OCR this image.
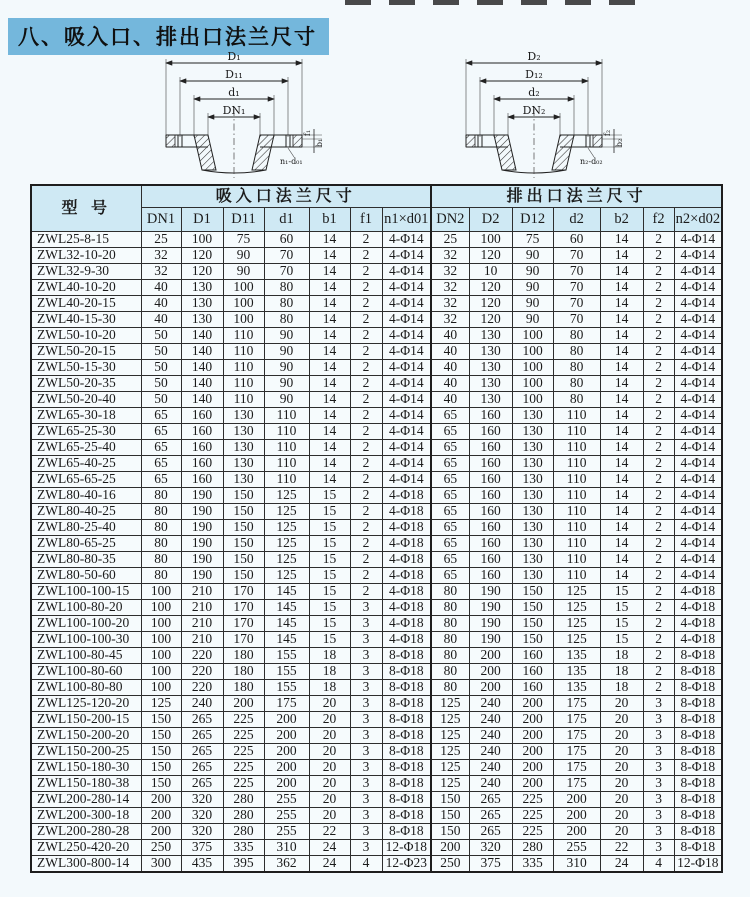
八、吸入口、排出口法兰尺寸
D₁
D₁₁
d₁
DN₁
f₁
b₁
n₁-d₀₁
D₂
D₁₂
d₂
DN₂
f₂
b₂
n₂-d₀₂
型 号	吸入口法兰尺寸							排出口法兰尺寸						
	DN1	D1	D11	d1	b1	f1	n1×d01	DN2	D2	D12	d2	b2	f2	n2×d02
ZWL25-8-15	25	100	75	60	14	2	4-Φ14	25	100	75	60	14	2	4-Φ14
ZWL32-10-20	32	120	90	70	14	2	4-Φ14	32	120	90	70	14	2	4-Φ14
ZWL32-9-30	32	120	90	70	14	2	4-Φ14	32	10	90	70	14	2	4-Φ14
ZWL40-10-20	40	130	100	80	14	2	4-Φ14	32	120	90	70	14	2	4-Φ14
ZWL40-20-15	40	130	100	80	14	2	4-Φ14	32	120	90	70	14	2	4-Φ14
ZWL40-15-30	40	130	100	80	14	2	4-Φ14	32	120	90	70	14	2	4-Φ14
ZWL50-10-20	50	140	110	90	14	2	4-Φ14	40	130	100	80	14	2	4-Φ14
ZWL50-20-15	50	140	110	90	14	2	4-Φ14	40	130	100	80	14	2	4-Φ14
ZWL50-15-30	50	140	110	90	14	2	4-Φ14	40	130	100	80	14	2	4-Φ14
ZWL50-20-35	50	140	110	90	14	2	4-Φ14	40	130	100	80	14	2	4-Φ14
ZWL50-20-40	50	140	110	90	14	2	4-Φ14	40	130	100	80	14	2	4-Φ14
ZWL65-30-18	65	160	130	110	14	2	4-Φ14	65	160	130	110	14	2	4-Φ14
ZWL65-25-30	65	160	130	110	14	2	4-Φ14	65	160	130	110	14	2	4-Φ14
ZWL65-25-40	65	160	130	110	14	2	4-Φ14	65	160	130	110	14	2	4-Φ14
ZWL65-40-25	65	160	130	110	14	2	4-Φ14	65	160	130	110	14	2	4-Φ14
ZWL65-65-25	65	160	130	110	14	2	4-Φ14	65	160	130	110	14	2	4-Φ14
ZWL80-40-16	80	190	150	125	15	2	4-Φ18	65	160	130	110	14	2	4-Φ14
ZWL80-40-25	80	190	150	125	15	2	4-Φ18	65	160	130	110	14	2	4-Φ14
ZWL80-25-40	80	190	150	125	15	2	4-Φ18	65	160	130	110	14	2	4-Φ14
ZWL80-65-25	80	190	150	125	15	2	4-Φ18	65	160	130	110	14	2	4-Φ14
ZWL80-80-35	80	190	150	125	15	2	4-Φ18	65	160	130	110	14	2	4-Φ14
ZWL80-50-60	80	190	150	125	15	2	4-Φ18	65	160	130	110	14	2	4-Φ14
ZWL100-100-15	100	210	170	145	15	2	4-Φ18	80	190	150	125	15	2	4-Φ18
ZWL100-80-20	100	210	170	145	15	3	4-Φ18	80	190	150	125	15	2	4-Φ18
ZWL100-100-20	100	210	170	145	15	3	4-Φ18	80	190	150	125	15	2	4-Φ18
ZWL100-100-30	100	210	170	145	15	3	4-Φ18	80	190	150	125	15	2	4-Φ18
ZWL100-80-45	100	220	180	155	18	3	8-Φ18	80	200	160	135	18	2	8-Φ18
ZWL100-80-60	100	220	180	155	18	3	8-Φ18	80	200	160	135	18	2	8-Φ18
ZWL100-80-80	100	220	180	155	18	3	8-Φ18	80	200	160	135	18	2	8-Φ18
ZWL125-120-20	125	240	200	175	20	3	8-Φ18	125	240	200	175	20	3	8-Φ18
ZWL150-200-15	150	265	225	200	20	3	8-Φ18	125	240	200	175	20	3	8-Φ18
ZWL150-200-20	150	265	225	200	20	3	8-Φ18	125	240	200	175	20	3	8-Φ18
ZWL150-200-25	150	265	225	200	20	3	8-Φ18	125	240	200	175	20	3	8-Φ18
ZWL150-180-30	150	265	225	200	20	3	8-Φ18	125	240	200	175	20	3	8-Φ18
ZWL150-180-38	150	265	225	200	20	3	8-Φ18	125	240	200	175	20	3	8-Φ18
ZWL200-280-14	200	320	280	255	20	3	8-Φ18	150	265	225	200	20	3	8-Φ18
ZWL200-300-18	200	320	280	255	20	3	8-Φ18	150	265	225	200	20	3	8-Φ18
ZWL200-280-28	200	320	280	255	22	3	8-Φ18	150	265	225	200	20	3	8-Φ18
ZWL250-420-20	250	375	335	310	24	3	12-Φ18	200	320	280	255	22	3	8-Φ18
ZWL300-800-14	300	435	395	362	24	4	12-Φ23	250	375	335	310	24	4	12-Φ18
